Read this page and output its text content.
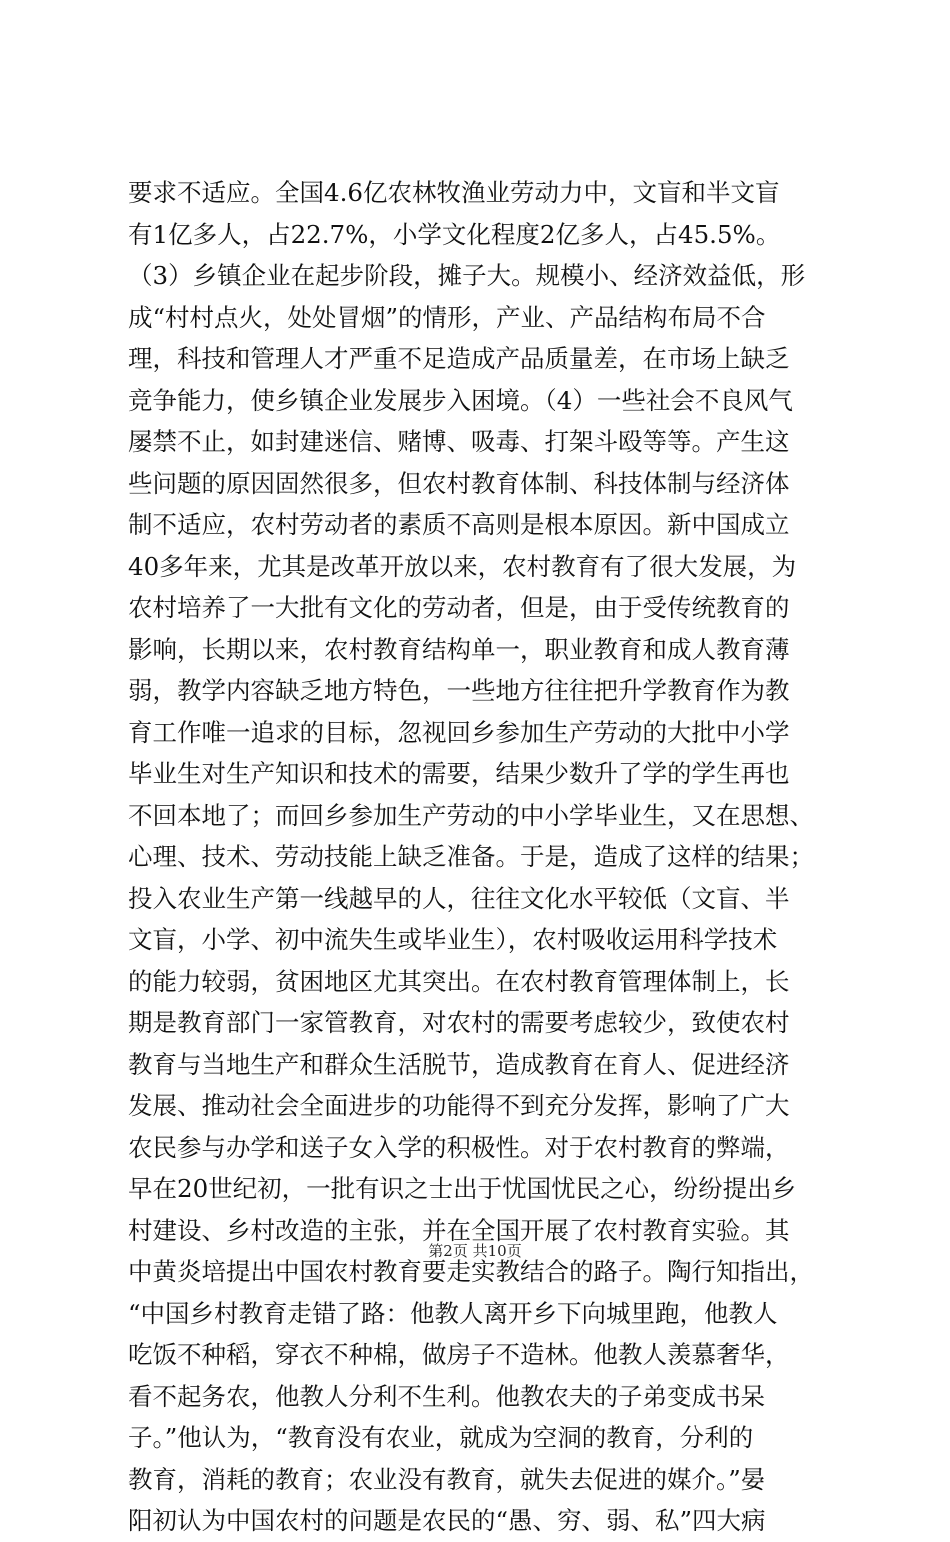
要求不适应。全国4.6亿农林牧渔业劳动力中，文盲和半文盲
有1亿多人，占22.7%，小学文化程度2亿多人，占45.5%。
（3）乡镇企业在起步阶段，摊子大。规模小、经济效益低，形
成“村村点火，处处冒烟”的情形，产业、产品结构布局不合
理，科技和管理人才严重不足造成产品质量差，在市场上缺乏
竞争能力，使乡镇企业发展步入困境。（4）一些社会不良风气
屡禁不止，如封建迷信、赌博、吸毒、打架斗殴等等。产生这
些问题的原因固然很多，但农村教育体制、科技体制与经济体
制不适应，农村劳动者的素质不高则是根本原因。新中国成立
40多年来，尤其是改革开放以来，农村教育有了很大发展，为
农村培养了一大批有文化的劳动者，但是，由于受传统教育的
影响，长期以来，农村教育结构单一，职业教育和成人教育薄
弱，教学内容缺乏地方特色，一些地方往往把升学教育作为教
育工作唯一追求的目标，忽视回乡参加生产劳动的大批中小学
毕业生对生产知识和技术的需要，结果少数升了学的学生再也
不回本地了；而回乡参加生产劳动的中小学毕业生，又在思想、
心理、技术、劳动技能上缺乏准备。于是，造成了这样的结果；
投入农业生产第一线越早的人，往往文化水平较低（文盲、半
文盲，小学、初中流失生或毕业生），农村吸收运用科学技术
的能力较弱，贫困地区尤其突出。在农村教育管理体制上，长
期是教育部门一家管教育，对农村的需要考虑较少，致使农村
教育与当地生产和群众生活脱节，造成教育在育人、促进经济
发展、推动社会全面进步的功能得不到充分发挥，影响了广大
农民参与办学和送子女入学的积极性。对于农村教育的弊端，
早在20世纪初，一批有识之士出于忧国忧民之心，纷纷提出乡
村建设、乡村改造的主张，并在全国开展了农村教育实验。其
中黄炎培提出中国农村教育要走实教结合的路子。陶行知指出，
“中国乡村教育走错了路：他教人离开乡下向城里跑，他教人
吃饭不种稻，穿衣不种棉，做房子不造林。他教人羡慕奢华，
看不起务农，他教人分利不生利。他教农夫的子弟变成书呆
子。”他认为，“教育没有农业，就成为空洞的教育，分利的
教育，消耗的教育；农业没有教育，就失去促进的媒介。”晏
阳初认为中国农村的问题是农民的“愚、穷、弱、私”四大病
第2页 共10页
